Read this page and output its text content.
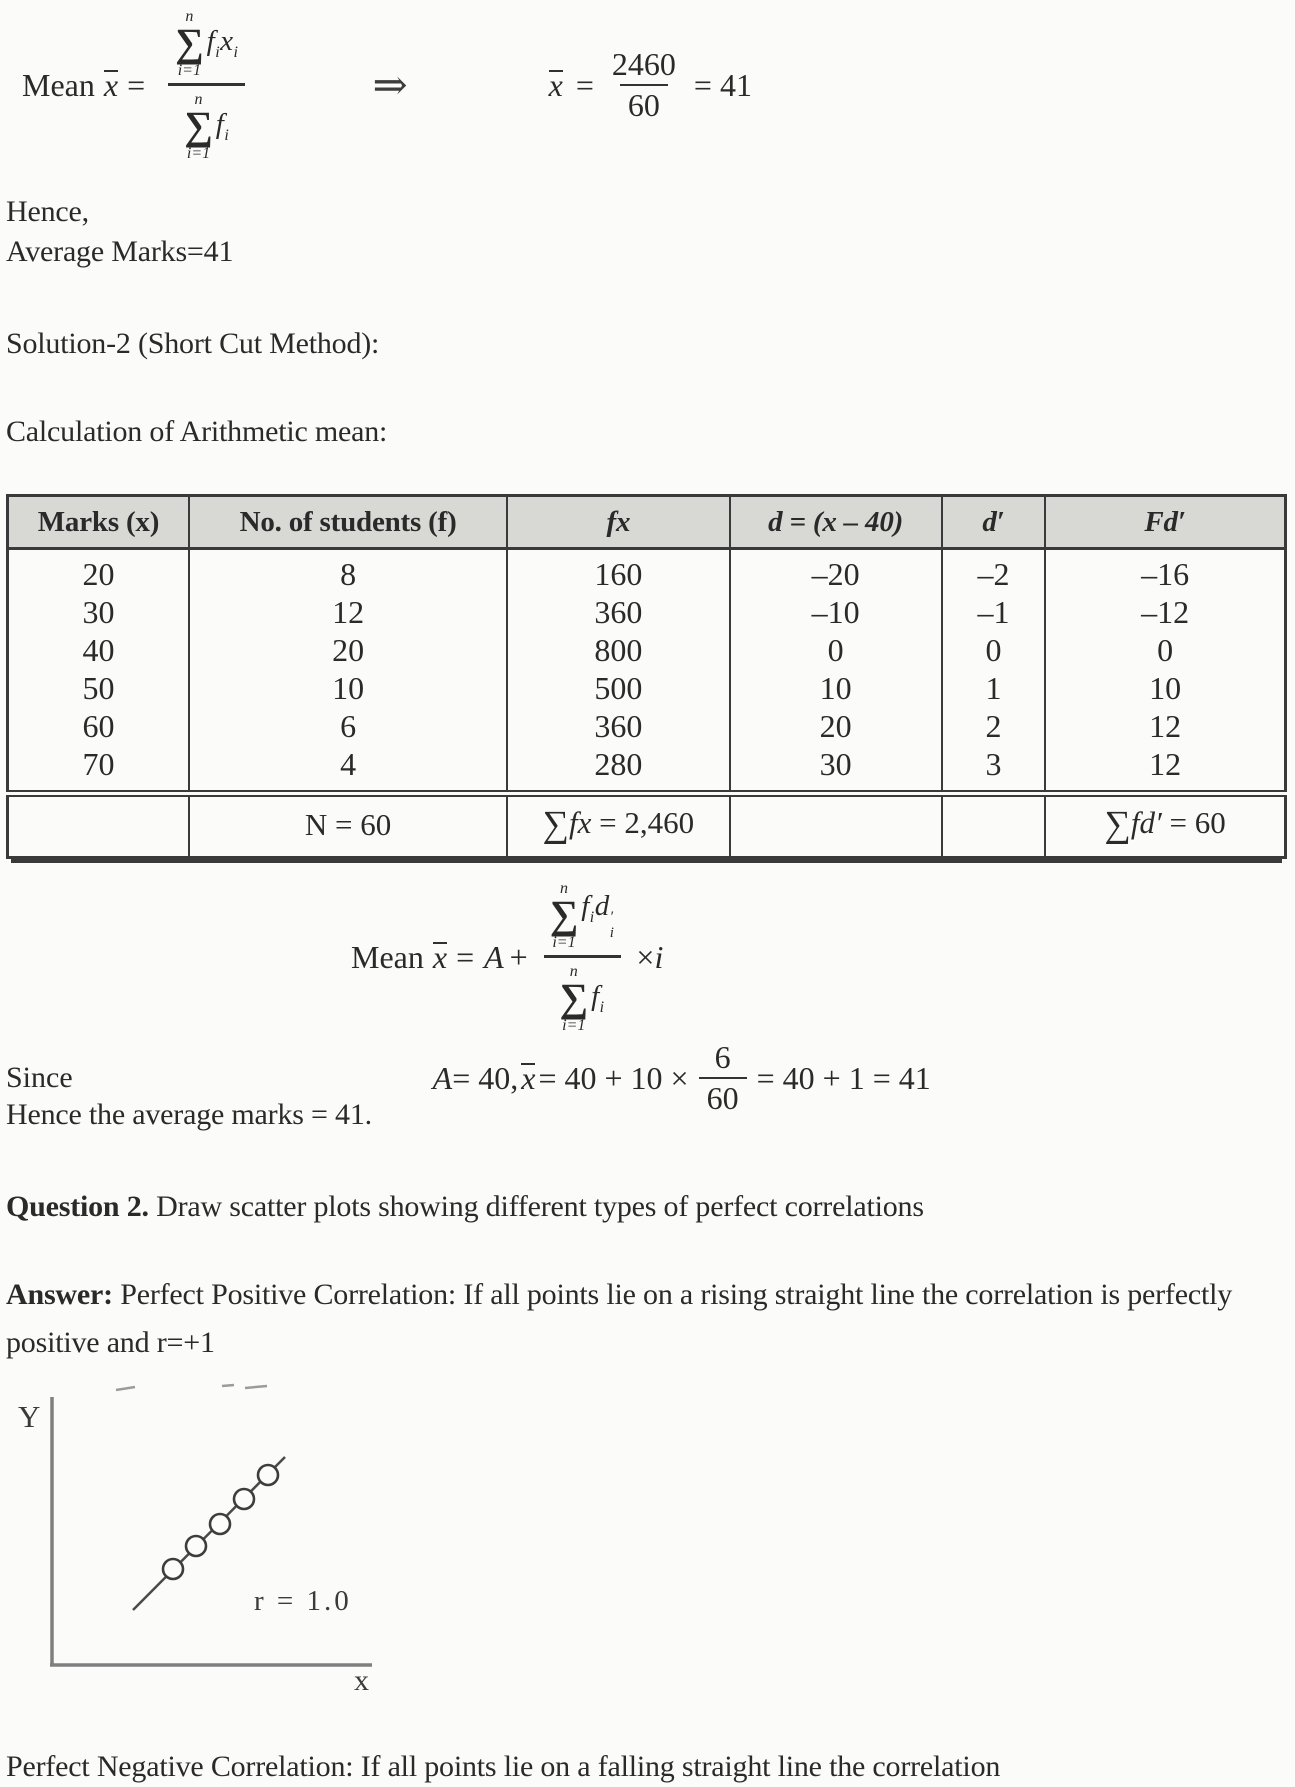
Mean x = n
∑
i=1
$f_ix_i$
n
∑
i=1
$f_i$	⇒	$x = \frac{2460}{60} = 41$
Hence,
Average Marks=41
Solution-2 (Short Cut Method):
Calculation of Arithmetic mean:
Marks (x)	No. of students (f)	fx	d = (x – 40)	d′	Fd′
20	8	160	–20	–2	–16
30	12	360	–10	–1	–12
40	20	800	0	0	0
50	10	500	10	1	10
60	6	360	20	2	12
70	4	280	30	3	12
	N = 60	∑fx = 2,460			∑fd′ = 60
Mean x = A + n
∑
i=1
$f_id$ ′
i
n
∑
i=1
$f_i \times i$
Since	A = 40, $x = 40 + 10 \times \frac{6}{60} = 40 + 1 = 41$
Hence the average marks = 41.
Question 2. Draw scatter plots showing different types of perfect correlations
Answer: Perfect Positive Correlation: If all points lie on a rising straight line the correlation is perfectly positive and r=+1
Y
x
r = 1.0
Perfect Negative Correlation: If all points lie on a falling straight line the correlation
